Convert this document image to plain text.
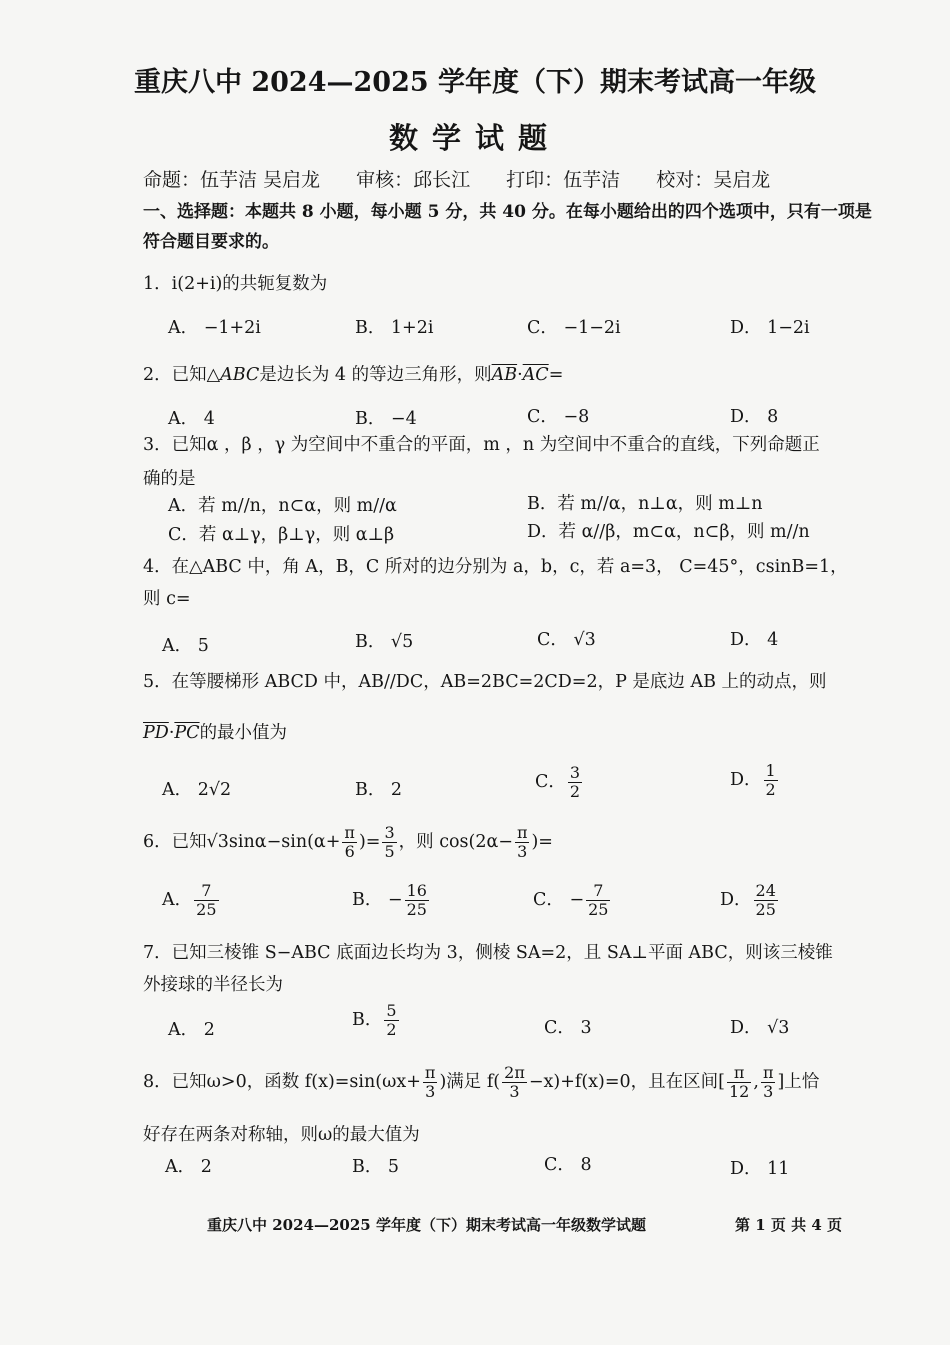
重庆八中 2024—2025 学年度（下）期末考试高一年级
数学试题
命题：伍芋洁 吴启龙 审核：邱长江 打印：伍芋洁 校对：吴启龙
一、选择题：本题共 8 小题，每小题 5 分，共 40 分。在每小题给出的四个选项中，只有一项是符合题目要求的。
1．i(2+i)的共轭复数为
A． −1+2i	B． 1+2i	C． −1−2i	D． 1−2i
2．已知△ABC是边长为 4 的等边三角形，则$\overline{AB}\cdot\overline{AC}=$
A． 4	B． −4	C． −8	D． 8
3．已知α ，β ，γ 为空间中不重合的平面，m ，n 为空间中不重合的直线，下列命题正
确的是
A．若 m//n，n⊂α，则 m//α	B．若 m//α，n⊥α，则 m⊥n
C．若 α⊥γ，β⊥γ，则 α⊥β	D．若 α//β，m⊂α，n⊂β，则 m//n
4．在△ABC 中，角 A，B，C 所对的边分别为 a，b，c，若 a=3， C=45°，csinB=1，
则 c=
A． 5	B． √5	C． √3	D． 4
5．在等腰梯形 ABCD 中，AB//DC，AB=2BC=2CD=2，P 是底边 AB 上的动点，则
$\overline{PD}\cdot\overline{PC}$的最小值为
A． 2√2	B． 2	C． $\frac{3}{2}$	D． $\frac{1}{2}$
6．已知$√3\sin\alpha-\sin(\alpha+ \frac{\pi}{6}$ )= $\frac{3}{5}$ ，则 $\cos(2\alpha- \frac{\pi}{3}$ )=
A． $\frac{7}{25}$	B． − $\frac{16}{25}$	C． − $\frac{7}{25}$	D． $\frac{24}{25}$
7．已知三棱锥 S−ABC 底面边长均为 3，侧棱 SA=2，且 SA⊥平面 ABC，则该三棱锥
外接球的半径长为
A． 2	B． $\frac{5}{2}$	C． 3	D． √3
8．已知ω>0，函数 $f(x)=\sin(\omega x+ \frac{\pi}{3}$ )满足 $f( \frac{2\pi}{3} -x)+f(x)=0$，且在区间[ $\frac{\pi}{12}$ , $\frac{\pi}{3}$ ]上恰
好存在两条对称轴，则ω的最大值为
A． 2	B． 5	C． 8	D． 11
重庆八中 2024—2025 学年度（下）期末考试高一年级数学试题	第 1 页 共 4 页
